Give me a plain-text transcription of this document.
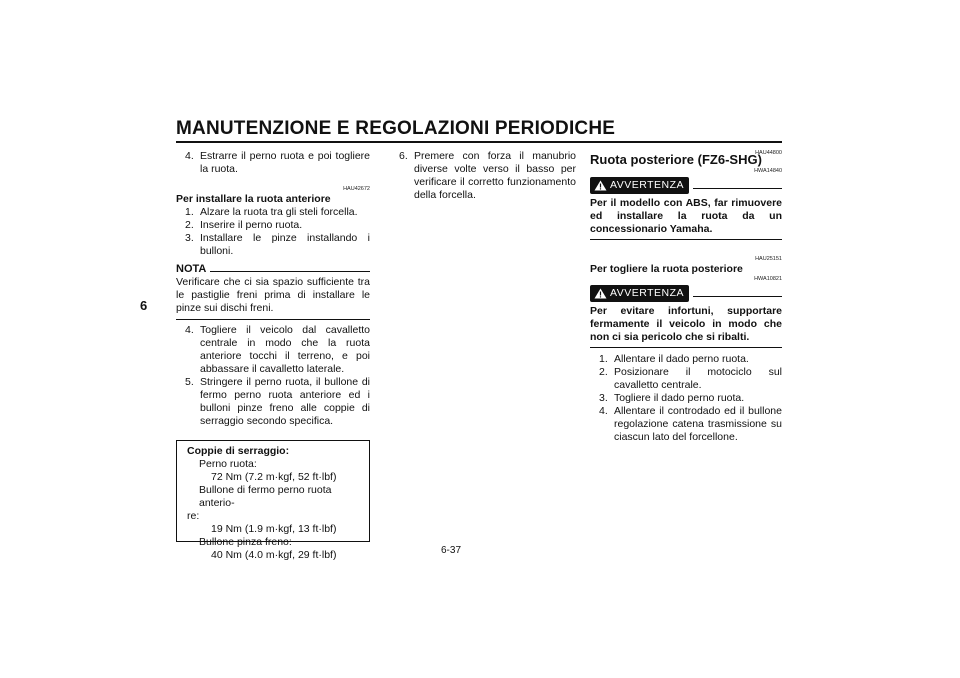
MANUTENZIONE E REGOLAZIONI PERIODICHE
6
4. Estrarre il perno ruota e poi togliere la ruota.
HAU42672
Per installare la ruota anteriore
1. Alzare la ruota tra gli steli forcella.
2. Inserire il perno ruota.
3. Installare le pinze installando i bulloni.
NOTA
Verificare che ci sia spazio sufficiente tra le pastiglie freni prima di installare le pinze sui dischi freni.
4. Togliere il veicolo dal cavalletto centrale in modo che la ruota anteriore tocchi il terreno, e poi abbassare il cavalletto laterale.
5. Stringere il perno ruota, il bullone di fermo perno ruota anteriore ed i bulloni pinze freno alle coppie di serraggio secondo specifica.
Coppie di serraggio:
Perno ruota:
72 Nm (7.2 m·kgf, 52 ft·lbf)
Bullone di fermo perno ruota anterio-
re:
19 Nm (1.9 m·kgf, 13 ft·lbf)
Bullone pinza freno:
40 Nm (4.0 m·kgf, 29 ft·lbf)
6. Premere con forza il manubrio diverse volte verso il basso per verificare il corretto funzionamento della forcella.
HAU44800
Ruota posteriore (FZ6-SHG)
HWA14840
AVVERTENZA
Per il modello con ABS, far rimuovere ed installare la ruota da un concessionario Yamaha.
HAU25151
Per togliere la ruota posteriore
HWA10821
AVVERTENZA
Per evitare infortuni, supportare fermamente il veicolo in modo che non ci sia pericolo che si ribalti.
1. Allentare il dado perno ruota.
2. Posizionare il motociclo sul cavalletto centrale.
3. Togliere il dado perno ruota.
4. Allentare il controdado ed il bullone regolazione catena trasmissione su ciascun lato del forcellone.
6-37
